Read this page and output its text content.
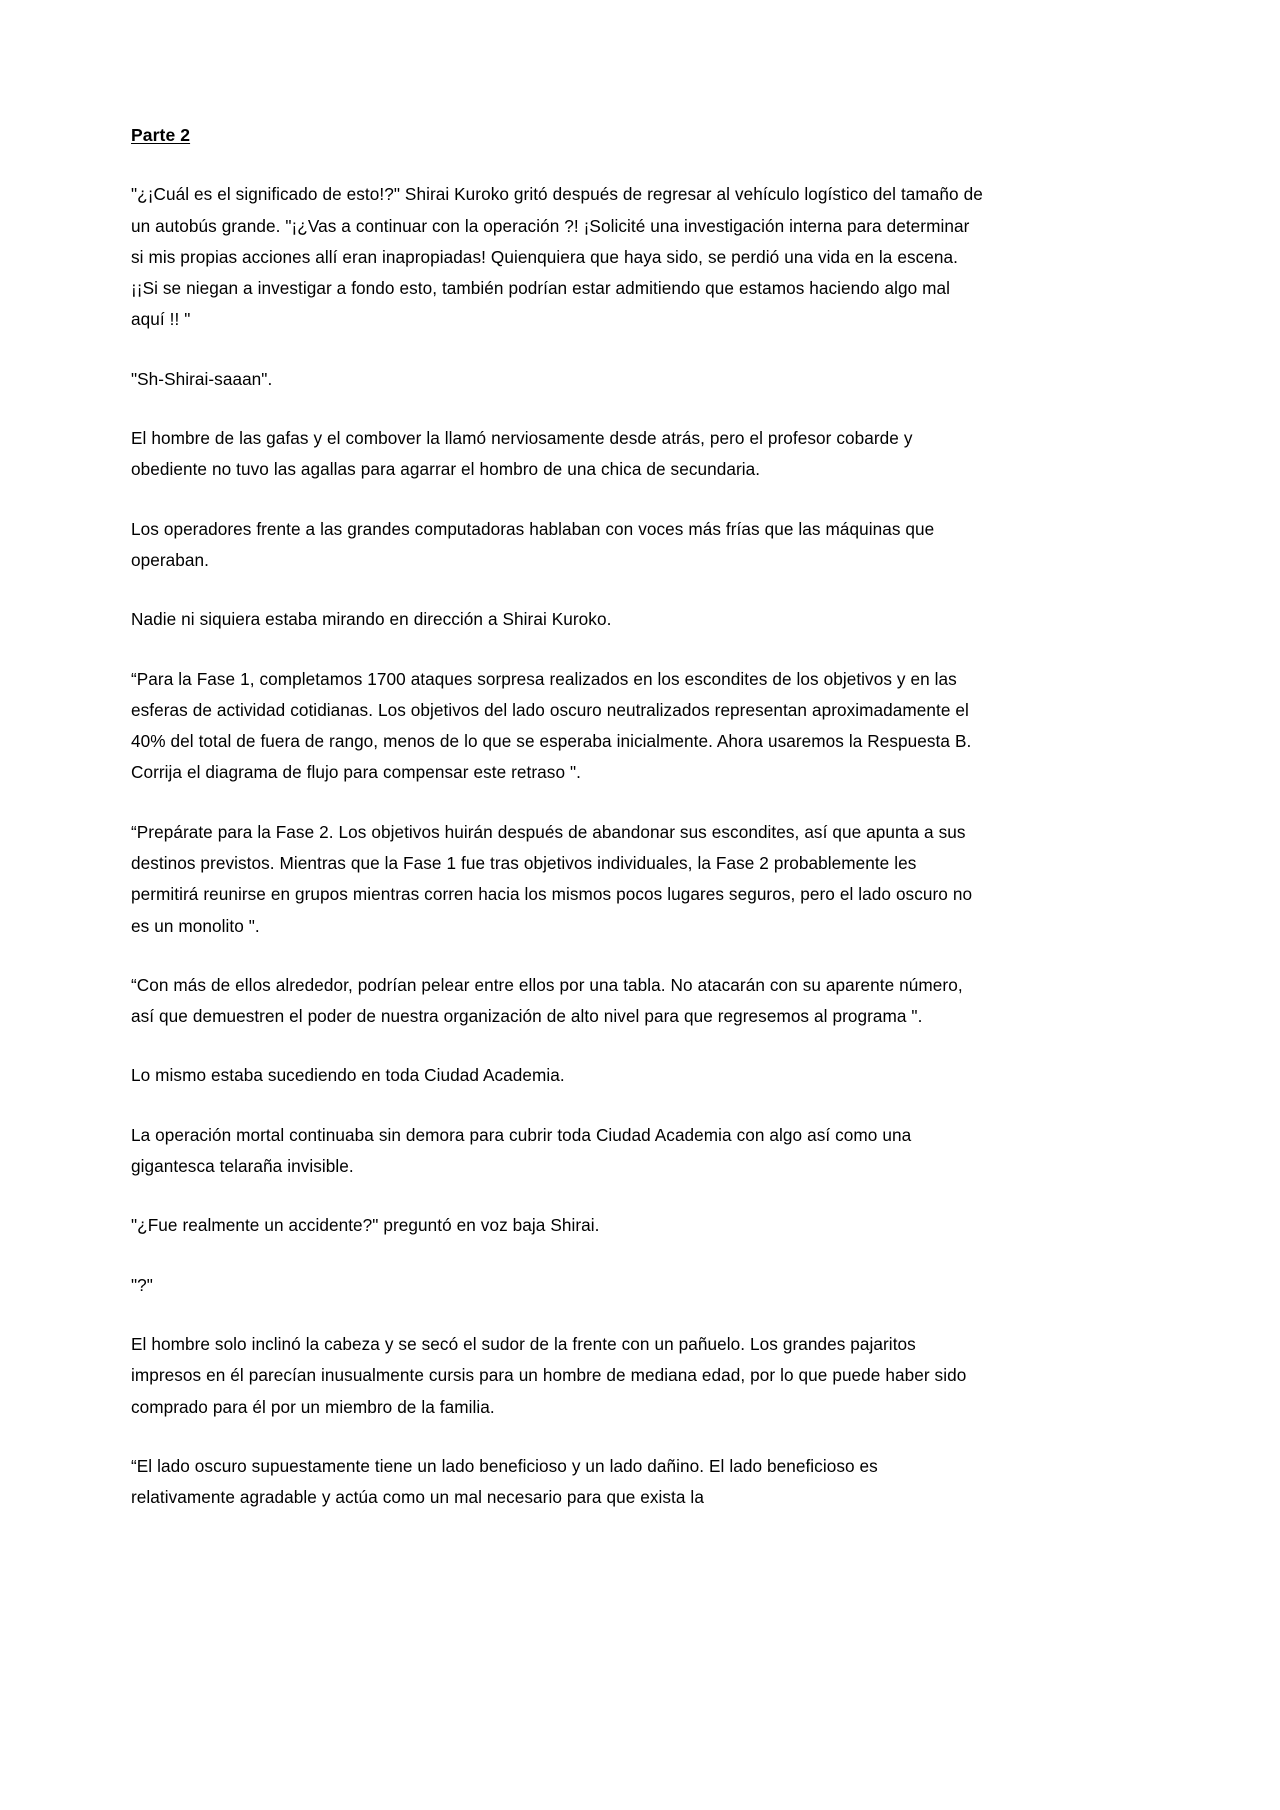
Parte 2

"¿¡Cuál es el significado de esto!?" Shirai Kuroko gritó después de regresar al vehículo logístico del tamaño de un autobús grande. "¡¿Vas a continuar con la operación ?! ¡Solicité una investigación interna para determinar si mis propias acciones allí eran inapropiadas! Quienquiera que haya sido, se perdió una vida en la escena. ¡¡Si se niegan a investigar a fondo esto, también podrían estar admitiendo que estamos haciendo algo mal aquí !! "

"Sh-Shirai-saaan".

El hombre de las gafas y el combover la llamó nerviosamente desde atrás, pero el profesor cobarde y obediente no tuvo las agallas para agarrar el hombro de una chica de secundaria.

Los operadores frente a las grandes computadoras hablaban con voces más frías que las máquinas que operaban.

Nadie ni siquiera estaba mirando en dirección a Shirai Kuroko.

“Para la Fase 1, completamos 1700 ataques sorpresa realizados en los escondites de los objetivos y en las esferas de actividad cotidianas. Los objetivos del lado oscuro neutralizados representan aproximadamente el 40% del total de fuera de rango, menos de lo que se esperaba inicialmente. Ahora usaremos la Respuesta B. Corrija el diagrama de flujo para compensar este retraso ".

“Prepárate para la Fase 2. Los objetivos huirán después de abandonar sus escondites, así que apunta a sus destinos previstos. Mientras que la Fase 1 fue tras objetivos individuales, la Fase 2 probablemente les permitirá reunirse en grupos mientras corren hacia los mismos pocos lugares seguros, pero el lado oscuro no es un monolito ".

“Con más de ellos alrededor, podrían pelear entre ellos por una tabla. No atacarán con su aparente número, así que demuestren el poder de nuestra organización de alto nivel para que regresemos al programa ".

Lo mismo estaba sucediendo en toda Ciudad Academia.

La operación mortal continuaba sin demora para cubrir toda Ciudad Academia con algo así como una gigantesca telaraña invisible.

"¿Fue realmente un accidente?" preguntó en voz baja Shirai.

"?"

El hombre solo inclinó la cabeza y se secó el sudor de la frente con un pañuelo. Los grandes pajaritos impresos en él parecían inusualmente cursis para un hombre de mediana edad, por lo que puede haber sido comprado para él por un miembro de la familia.

“El lado oscuro supuestamente tiene un lado beneficioso y un lado dañino. El lado beneficioso es relativamente agradable y actúa como un mal necesario para que exista la
